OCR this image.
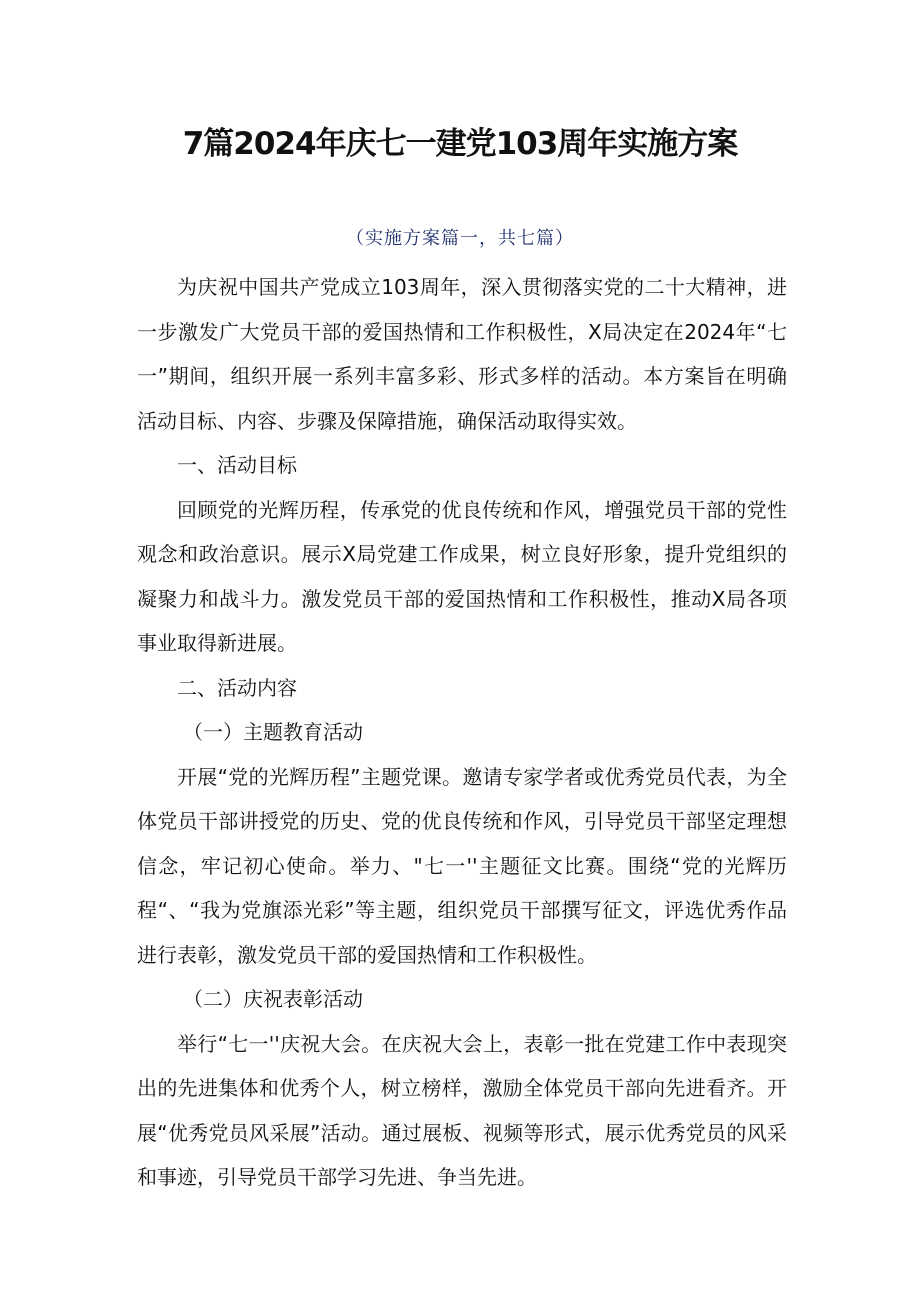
7篇2024年庆七一建党103周年实施方案
（实施方案篇一，共七篇）

为庆祝中国共产党成立103周年，深入贯彻落实党的二十大精神，进一步激发广大党员干部的爱国热情和工作积极性，X局决定在2024年“七一”期间，组织开展一系列丰富多彩、形式多样的活动。本方案旨在明确活动目标、内容、步骤及保障措施，确保活动取得实效。

一、活动目标

回顾党的光辉历程，传承党的优良传统和作风，增强党员干部的党性观念和政治意识。展示X局党建工作成果，树立良好形象，提升党组织的凝聚力和战斗力。激发党员干部的爱国热情和工作积极性，推动X局各项事业取得新进展。

二、活动内容

（一）主题教育活动

开展“党的光辉历程”主题党课。邀请专家学者或优秀党员代表，为全体党员干部讲授党的历史、党的优良传统和作风，引导党员干部坚定理想信念，牢记初心使命。举力、"七一''主题征文比赛。围绕“党的光辉历程“、“我为党旗添光彩”等主题，组织党员干部撰写征文，评选优秀作品进行表彰，激发党员干部的爱国热情和工作积极性。

（二）庆祝表彰活动

举行“七一''庆祝大会。在庆祝大会上，表彰一批在党建工作中表现突出的先进集体和优秀个人，树立榜样，激励全体党员干部向先进看齐。开展“优秀党员风采展”活动。通过展板、视频等形式，展示优秀党员的风采和事迹，引导党员干部学习先进、争当先进。
